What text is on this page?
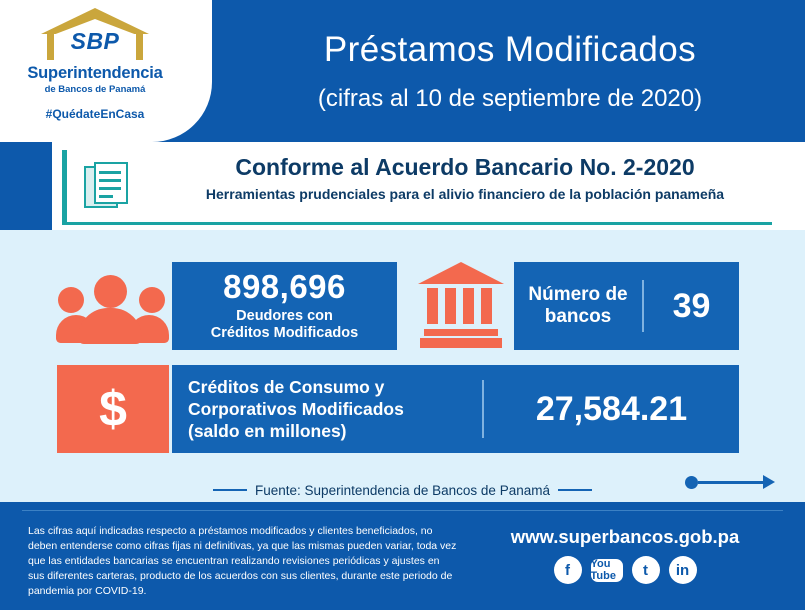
SBP
Superintendencia
de Bancos de Panamá
#QuédateEnCasa
Préstamos Modificados
(cifras al 10 de septiembre de 2020)
Conforme al Acuerdo Bancario No. 2-2020
Herramientas prudenciales para el alivio financiero de la población panameña
898,696
Deudores con
Créditos Modificados
Número de
bancos	39
$	Créditos de Consumo y
Corporativos Modificados
(saldo en millones)
27,584.21
Fuente: Superintendencia de Bancos de Panamá
Las cifras aquí indicadas respecto a préstamos modificados y clientes beneficiados, no deben entenderse como cifras fijas ni definitivas, ya que las mismas pueden variar, toda vez que las entidades bancarias se encuentran realizando revisiones periódicas y ajustes en sus diferentes carteras, producto de los acuerdos con sus clientes, durante este periodo de pandemia por COVID-19.
www.superbancos.gob.pa
f	You Tube	t	in
